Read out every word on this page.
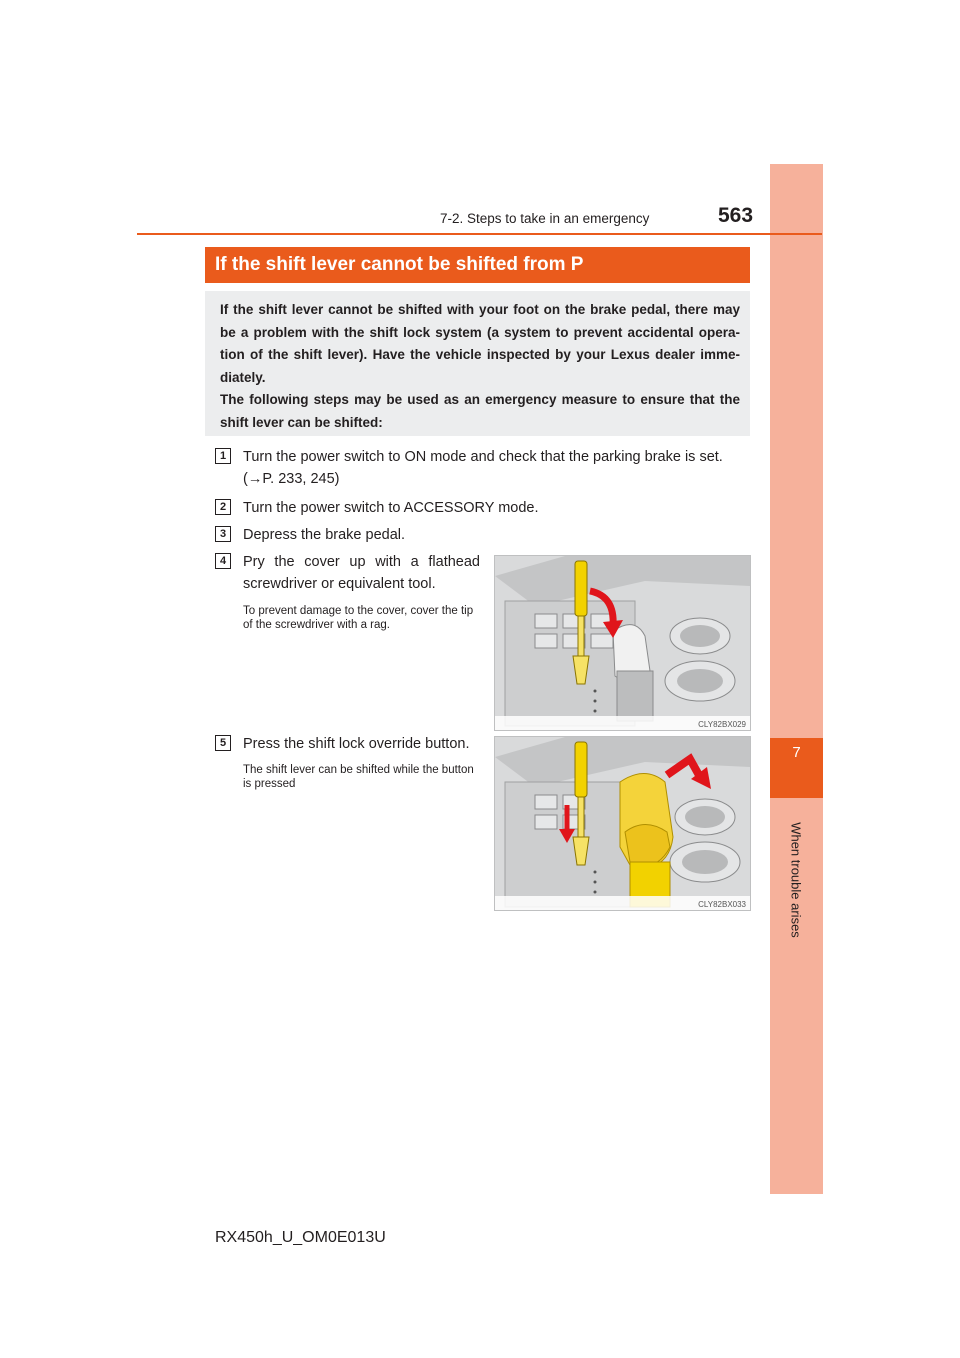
7
When trouble arises
7-2. Steps to take in an emergency	563
If the shift lever cannot be shifted from P

If the shift lever cannot be shifted with your foot on the brake pedal, there may be a problem with the shift lock system (a system to prevent accidental opera-tion of the shift lever). Have the vehicle inspected by your Lexus dealer imme-diately.

The following steps may be used as an emergency measure to ensure that the shift lever can be shifted:

1	Turn the power switch to ON mode and check that the parking brake is set. (→P. 233, 245)
2	Turn the power switch to ACCESSORY mode.
3	Depress the brake pedal.
4	Pry the cover up with a flathead screwdriver or equivalent tool.
To prevent damage to the cover, cover the tip of the screwdriver with a rag.
CLY82BX029
5	Press the shift lock override button.
The shift lever can be shifted while the button is pressed
CLY82BX033
RX450h_U_OM0E013U
